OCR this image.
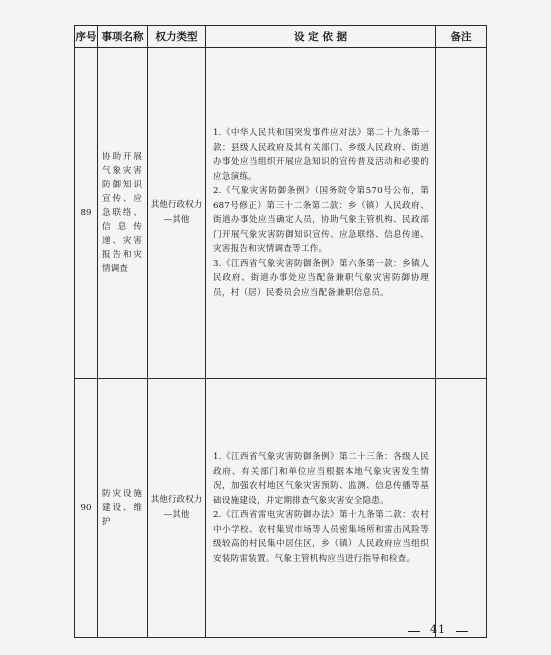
序号	事项名称	权力类型	设 定 依 据	备注
89	协助开展气象灾害防御知识宣传、应急联络、信息传递、灾害报告和灾情调查	其他行政权力—其他	1.《中华人民共和国突发事件应对法》第二十九条第一款：县级人民政府及其有关部门、乡级人民政府、街道办事处应当组织开展应急知识的宣传普及活动和必要的应急演练。

2.《气象灾害防御条例》（国务院令第570号公布，第687号修正）第三十二条第二款：乡（镇）人民政府、街道办事处应当确定人员，协助气象主管机构、民政部门开展气象灾害防御知识宣传、应急联络、信息传递、灾害报告和灾情调查等工作。

3.《江西省气象灾害防御条例》第六条第一款：乡镇人民政府、街道办事处应当配备兼职气象灾害防御协理员，村（居）民委员会应当配备兼职信息员。	

90	防灾设施建设、维护	其他行政权力—其他	1.《江西省气象灾害防御条例》第二十三条：各级人民政府、有关部门和单位应当根据本地气象灾害发生情况，加强农村地区气象灾害预防、监测、信息传播等基础设施建设，并定期排查气象灾害安全隐患。

2.《江西省雷电灾害防御办法》第十九条第二款：农村中小学校、农村集贸市场等人员密集场所和雷击风险等级较高的村民集中居住区，乡（镇）人民政府应当组织安装防雷装置。气象主管机构应当进行指导和检查。	

41
